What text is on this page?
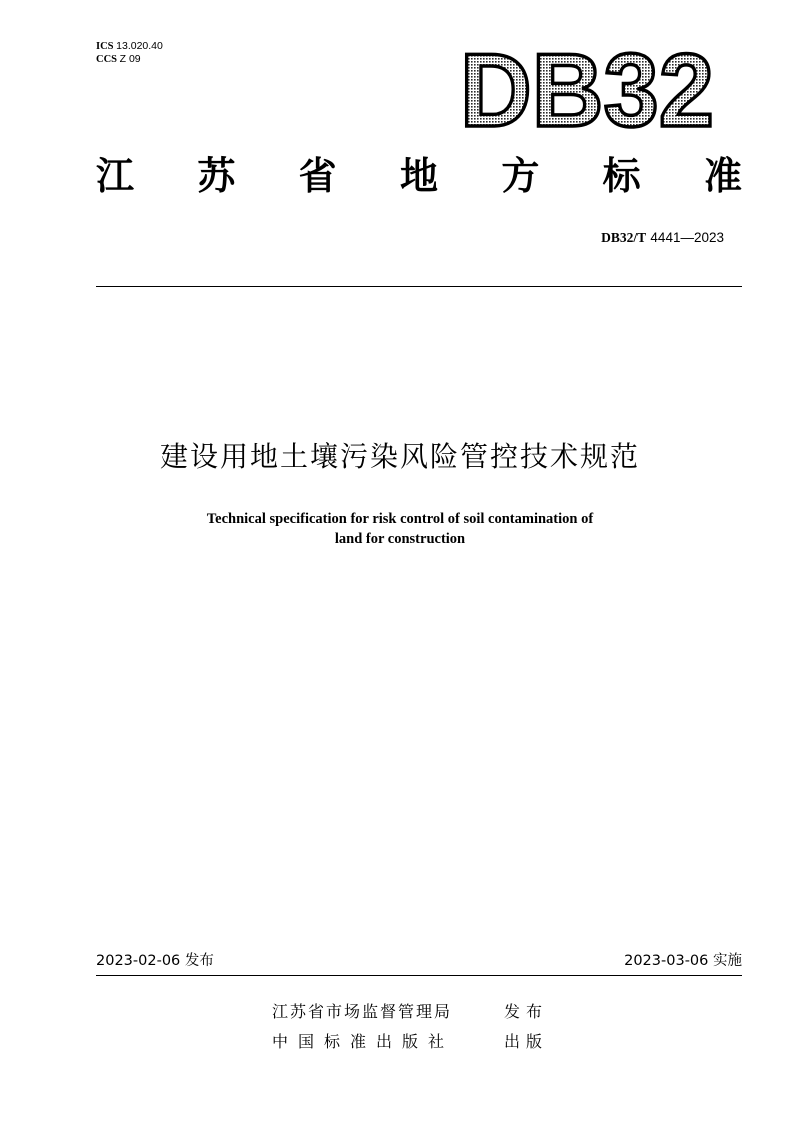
ICS 13.020.40
CCS Z 09	DB32
江 苏 省 地 方 标 准
DB32/T 4441—2023
建设用地土壤污染风险管控技术规范
Technical specification for risk control of soil contamination of
land for construction
2023-02-06 发布	2023-03-06 实施
江苏省市场监督管理局	发布
中国标准出版社	出版
